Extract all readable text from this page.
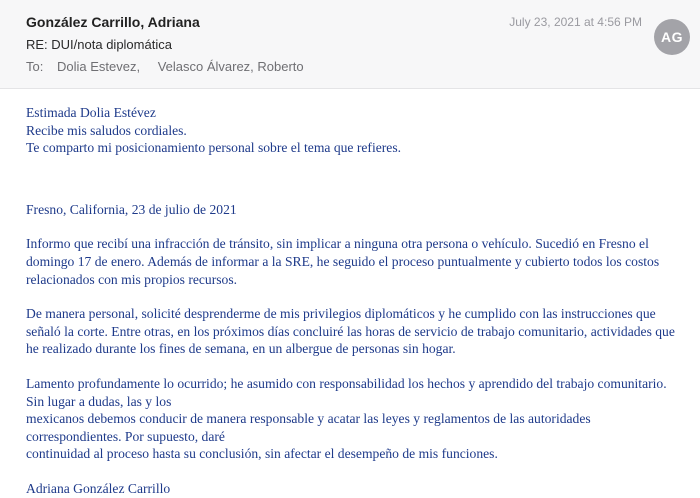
González Carrillo, Adriana
RE: DUI/nota diplomática
To: Dolia Estevez, Velasco Álvarez, Roberto
July 23, 2021 at 4:56 PM
AG

Estimada Dolia Estévez

Recibe mis saludos cordiales.

Te comparto mi posicionamiento personal sobre el tema que refieres.

Fresno, California, 23 de julio de 2021

Informo que recibí una infracción de tránsito, sin implicar a ninguna otra persona o vehículo. Sucedió en Fresno el

domingo 17 de enero. Además de informar a la SRE, he seguido el proceso puntualmente y cubierto todos los costos

relacionados con mis propios recursos.

De manera personal, solicité desprenderme de mis privilegios diplomáticos y he cumplido con las instrucciones que

señaló la corte. Entre otras, en los próximos días concluiré las horas de servicio de trabajo comunitario, actividades que

he realizado durante los fines de semana, en un albergue de personas sin hogar.

Lamento profundamente lo ocurrido; he asumido con responsabilidad los hechos y aprendido del trabajo comunitario.

Sin lugar a dudas, las y los

mexicanos debemos conducir de manera responsable y acatar las leyes y reglamentos de las autoridades

correspondientes. Por supuesto, daré

continuidad al proceso hasta su conclusión, sin afectar el desempeño de mis funciones.

Adriana González Carrillo
